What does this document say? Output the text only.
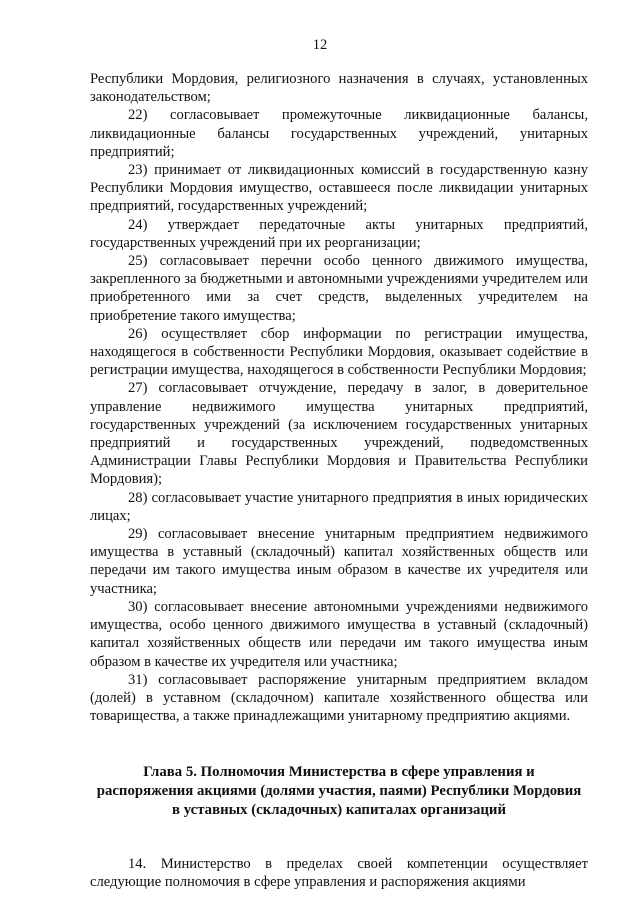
12

Республики Мордовия, религиозного назначения в случаях, установленных законодательством;

22) согласовывает промежуточные ликвидационные балансы, ликвидационные балансы государственных учреждений, унитарных предприятий;

23) принимает от ликвидационных комиссий в государственную казну Республики Мордовия имущество, оставшееся после ликвидации унитарных предприятий, государственных учреждений;

24) утверждает передаточные акты унитарных предприятий, государственных учреждений при их реорганизации;

25) согласовывает перечни особо ценного движимого имущества, закрепленного за бюджетными и автономными учреждениями учредителем или приобретенного ими за счет средств, выделенных учредителем на приобретение такого имущества;

26) осуществляет сбор информации по регистрации имущества, находящегося в собственности Республики Мордовия, оказывает содействие в регистрации имущества, находящегося в собственности Республики Мордовия;

27) согласовывает отчуждение, передачу в залог, в доверительное управление недвижимого имущества унитарных предприятий, государственных учреждений (за исключением государственных унитарных предприятий и государственных учреждений, подведомственных Администрации Главы Республики Мордовия и Правительства Республики Мордовия);

28) согласовывает участие унитарного предприятия в иных юридических лицах;

29) согласовывает внесение унитарным предприятием недвижимого имущества в уставный (складочный) капитал хозяйственных обществ или передачи им такого имущества иным образом в качестве их учредителя или участника;

30) согласовывает внесение автономными учреждениями недвижимого имущества, особо ценного движимого имущества в уставный (складочный) капитал хозяйственных обществ или передачи им такого имущества иным образом в качестве их учредителя или участника;

31) согласовывает распоряжение унитарным предприятием вкладом (долей) в уставном (складочном) капитале хозяйственного общества или товарищества, а также принадлежащими унитарному предприятию акциями.

Глава 5. Полномочия Министерства в сфере управления и
распоряжения акциями (долями участия, паями) Республики Мордовия
в уставных (складочных) капиталах организаций

14. Министерство в пределах своей компетенции осуществляет следующие полномочия в сфере управления и распоряжения акциями
